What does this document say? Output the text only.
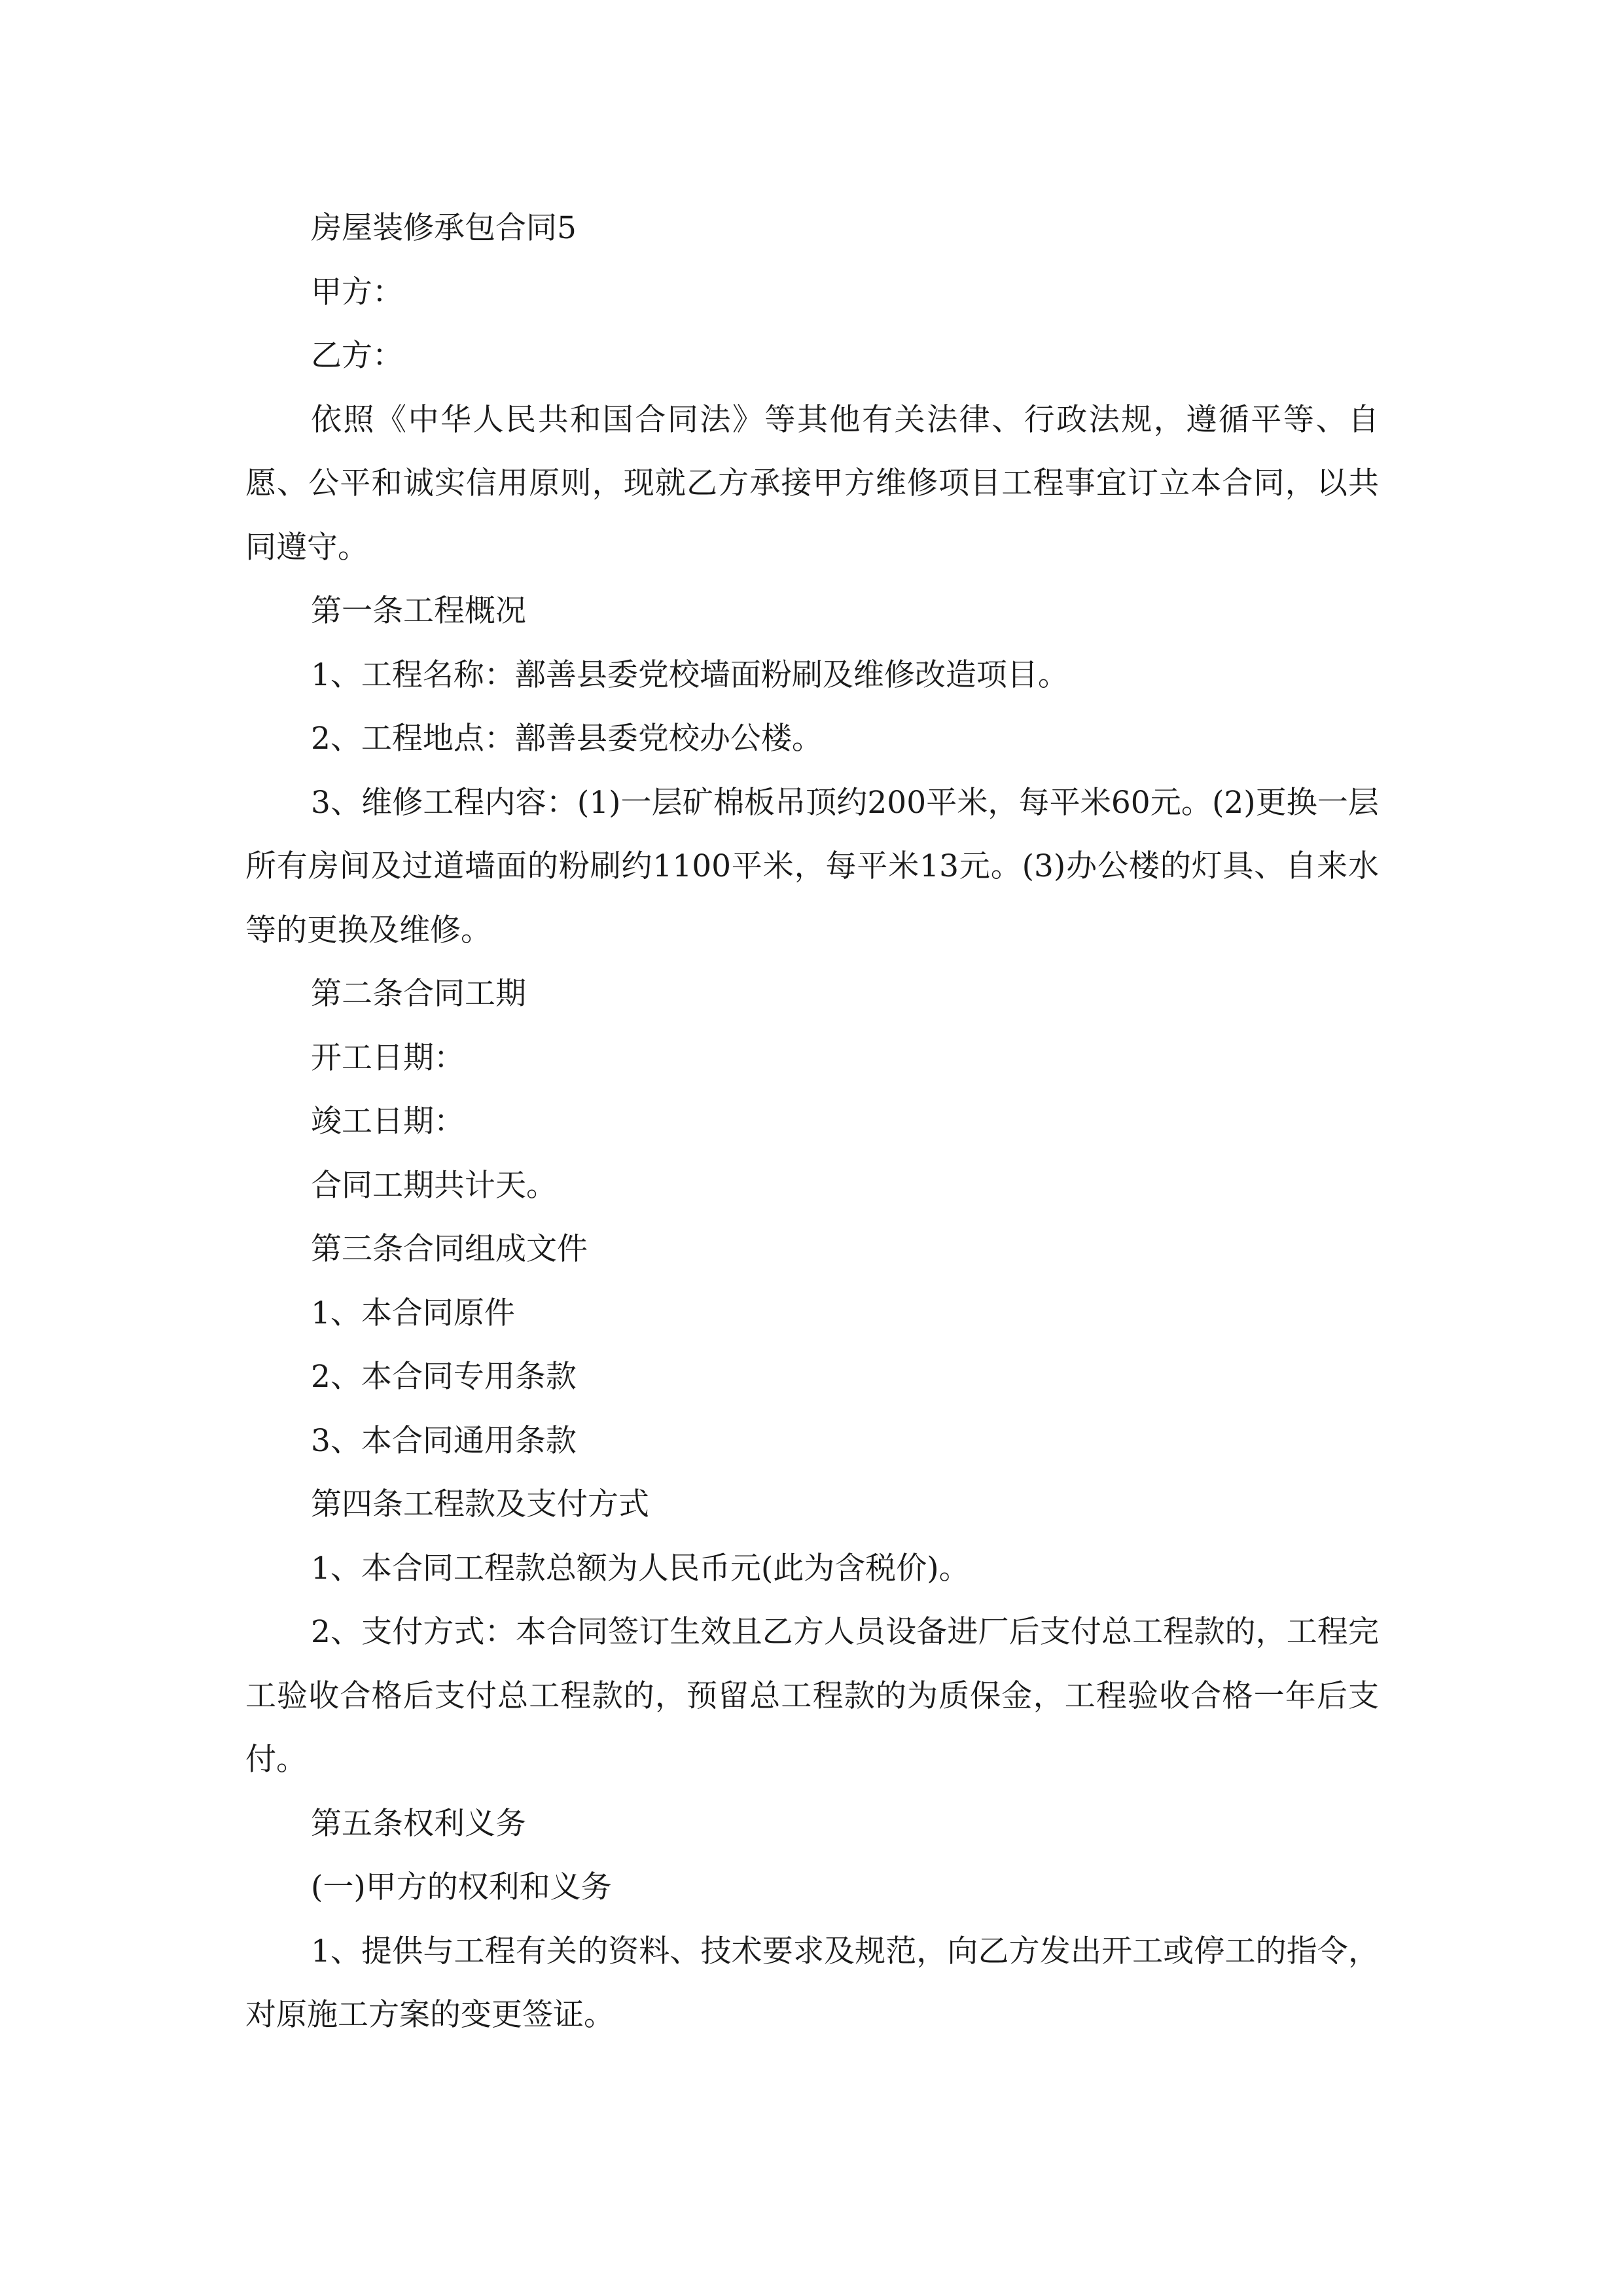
房屋装修承包合同5

甲方：

乙方：

依照《中华人民共和国合同法》等其他有关法律、行政法规，遵循平等、自愿、公平和诚实信用原则，现就乙方承接甲方维修项目工程事宜订立本合同，以共同遵守。

第一条工程概况

1、工程名称：鄯善县委党校墙面粉刷及维修改造项目。

2、工程地点：鄯善县委党校办公楼。

3、维修工程内容：(1)一层矿棉板吊顶约200平米，每平米60元。(2)更换一层所有房间及过道墙面的粉刷约1100平米，每平米13元。(3)办公楼的灯具、自来水等的更换及维修。

第二条合同工期

开工日期：

竣工日期：

合同工期共计天。

第三条合同组成文件

1、本合同原件

2、本合同专用条款

3、本合同通用条款

第四条工程款及支付方式

1、本合同工程款总额为人民币元(此为含税价)。

2、支付方式：本合同签订生效且乙方人员设备进厂后支付总工程款的，工程完工验收合格后支付总工程款的，预留总工程款的为质保金，工程验收合格一年后支付。

第五条权利义务

(一)甲方的权利和义务

1、提供与工程有关的资料、技术要求及规范，向乙方发出开工或停工的指令，对原施工方案的变更签证。
